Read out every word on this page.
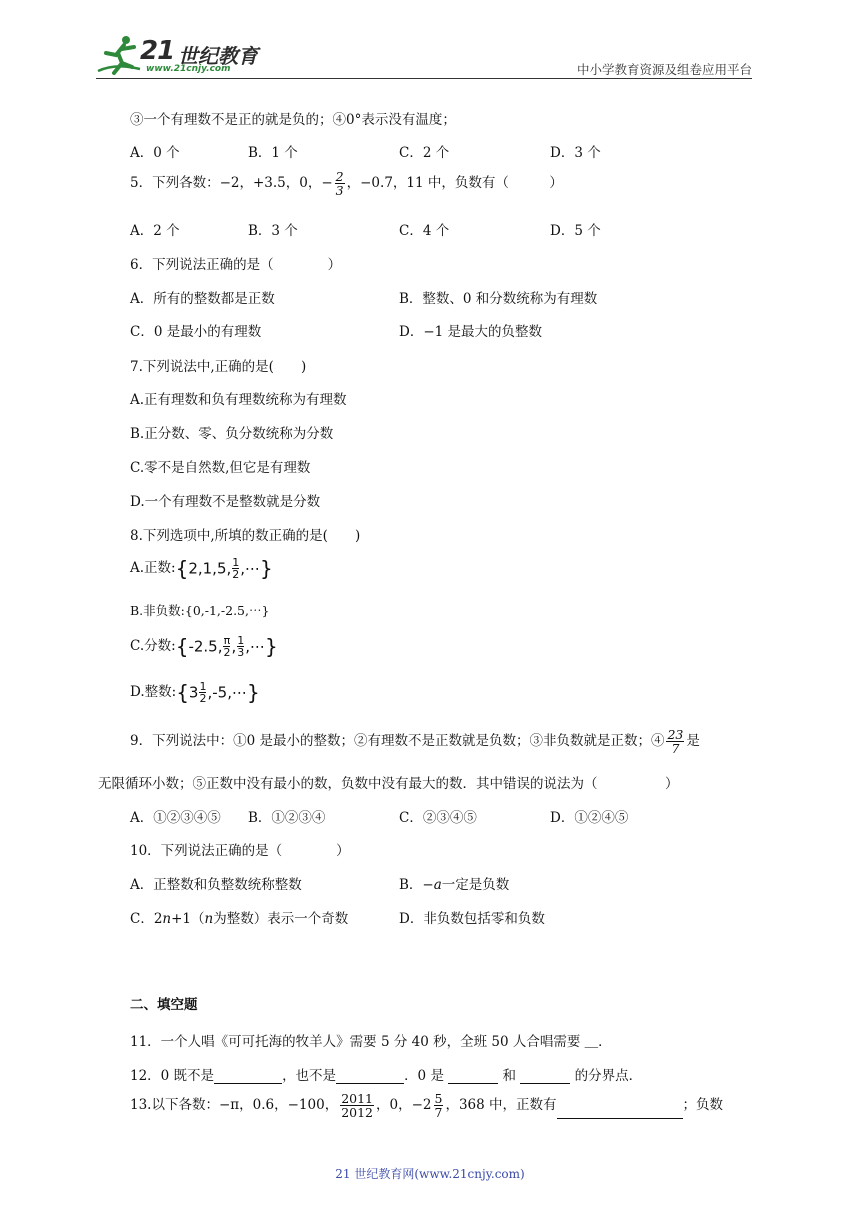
21 世纪教育
www.21cnjy.com	中小学教育资源及组卷应用平台
③一个有理数不是正的就是负的；④0°表示没有温度；
A．0 个	B．1 个	C．2 个	D．3 个
5．下列各数：−2，+3.5，0，− $\frac{2}{3}$ ，−0.7，11 中，负数有（　　　）
A．2 个	B．3 个	C．4 个	D．5 个
6．下列说法正确的是（　　　　）
A．所有的整数都是正数	B．整数、0 和分数统称为有理数
C．0 是最小的有理数	D．−1 是最大的负整数
7.下列说法中,正确的是(　　)
A.正有理数和负有理数统称为有理数
B.正分数、零、负分数统称为分数
C.零不是自然数,但它是有理数
D.一个有理数不是整数就是分数
8.下列选项中,所填的数正确的是(　　)
A.正数:{2,1,5, $\frac{1}{2}$ ,⋯}
B.非负数:{0,-1,-2.5,⋯}
C.分数:{-2.5, $\frac{\pi}{2}$ , $\frac{1}{3}$ ,⋯}
D.整数:{3 $\frac{1}{2}$ ,-5,⋯}
9．下列说法中：①0 是最小的整数；②有理数不是正数就是负数；③非负数就是正数；④ $\frac{23}{7}$ 是
无限循环小数；⑤正数中没有最小的数，负数中没有最大的数．其中错误的说法为（　　　　　）
A．①②③④⑤ B．①②③④	C．②③④⑤	D．①②④⑤
10．下列说法正确的是（　　　　）
A．正整数和负整数统称整数	B．−a一定是负数
C．2n+1（n为整数）表示一个奇数	D．非负数包括零和负数
二、填空题
11．一个人唱《可可托海的牧羊人》需要 5 分 40 秒，全班 50 人合唱需要 ＿．
12．0 既不是	，也不是	．0 是	和	的分界点．
13.以下各数：−π，0.6，−100， $\frac{2011}{2012}$ ，0，$-2 \frac{5}{7}$ ，368 中，正数有	；负数
21 世纪教育网(www.21cnjy.com)
